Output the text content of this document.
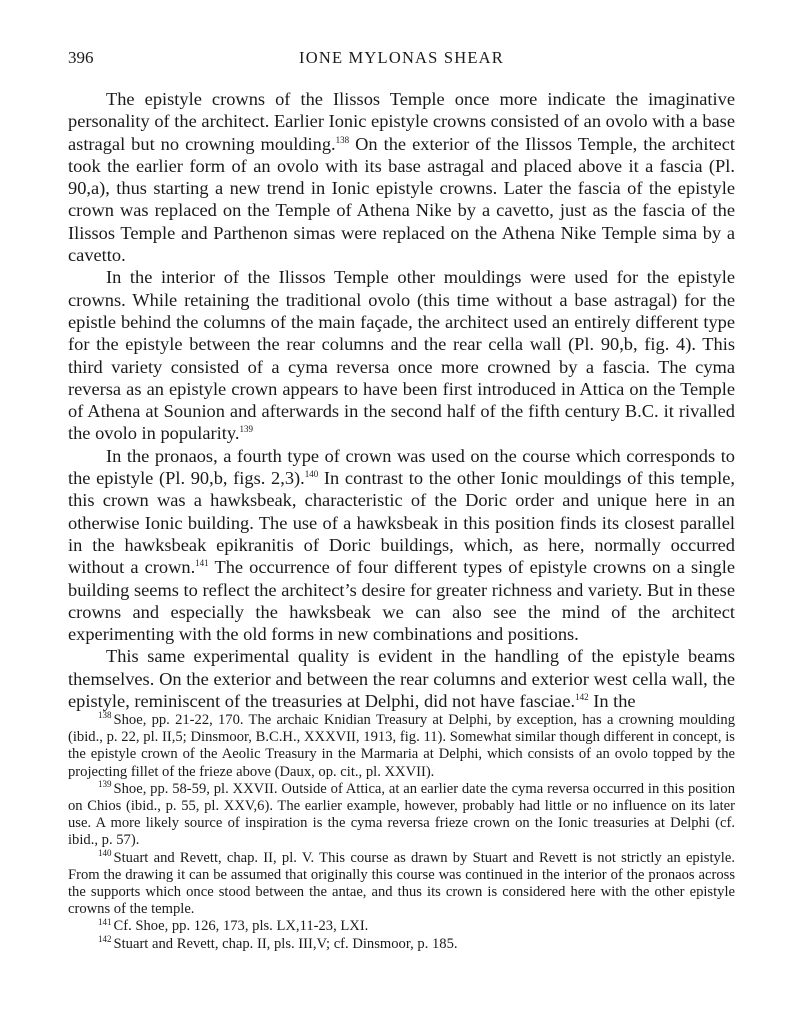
396	IONE MYLONAS SHEAR

The epistyle crowns of the Ilissos Temple once more indicate the imaginative personality of the architect. Earlier Ionic epistyle crowns consisted of an ovolo with a base astragal but no crowning moulding.$^{138}$ On the exterior of the Ilissos Temple, the architect took the earlier form of an ovolo with its base astragal and placed above it a fascia (Pl. 90,a), thus starting a new trend in Ionic epistyle crowns. Later the fascia of the epistyle crown was replaced on the Temple of Athena Nike by a cavetto, just as the fascia of the Ilissos Temple and Parthenon simas were replaced on the Athena Nike Temple sima by a cavetto.

In the interior of the Ilissos Temple other mouldings were used for the epistyle crowns. While retaining the traditional ovolo (this time without a base astragal) for the epistle behind the columns of the main façade, the architect used an entirely different type for the epistyle between the rear columns and the rear cella wall (Pl. 90,b, fig. 4). This third variety consisted of a cyma reversa once more crowned by a fascia. The cyma reversa as an epistyle crown appears to have been first introduced in Attica on the Temple of Athena at Sounion and afterwards in the second half of the fifth century B.C. it rivalled the ovolo in popularity.$^{139}$

In the pronaos, a fourth type of crown was used on the course which corresponds to the epistyle (Pl. 90,b, figs. 2,3).$^{140}$ In contrast to the other Ionic mouldings of this temple, this crown was a hawksbeak, characteristic of the Doric order and unique here in an otherwise Ionic building. The use of a hawksbeak in this position finds its closest parallel in the hawksbeak epikranitis of Doric buildings, which, as here, normally occurred without a crown.$^{141}$ The occurrence of four different types of epistyle crowns on a single building seems to reflect the architect’s desire for greater richness and variety. But in these crowns and especially the hawksbeak we can also see the mind of the architect experimenting with the old forms in new combinations and positions.

This same experimental quality is evident in the handling of the epistyle beams themselves. On the exterior and between the rear columns and exterior west cella wall, the epistyle, reminiscent of the treasuries at Delphi, did not have fasciae.$^{142}$ In the

$^{138}$ Shoe, pp. 21-22, 170. The archaic Knidian Treasury at Delphi, by exception, has a crowning moulding (ibid., p. 22, pl. II,5; Dinsmoor, B.C.H., XXXVII, 1913, fig. 11). Somewhat similar though different in concept, is the epistyle crown of the Aeolic Treasury in the Marmaria at Delphi, which consists of an ovolo topped by the projecting fillet of the frieze above (Daux, op. cit., pl. XXVII).

$^{139}$ Shoe, pp. 58-59, pl. XXVII. Outside of Attica, at an earlier date the cyma reversa occurred in this position on Chios (ibid., p. 55, pl. XXV,6). The earlier example, however, probably had little or no influence on its later use. A more likely source of inspiration is the cyma reversa frieze crown on the Ionic treasuries at Delphi (cf. ibid., p. 57).

$^{140}$ Stuart and Revett, chap. II, pl. V. This course as drawn by Stuart and Revett is not strictly an epistyle. From the drawing it can be assumed that originally this course was continued in the interior of the pronaos across the supports which once stood between the antae, and thus its crown is considered here with the other epistyle crowns of the temple.

$^{141}$ Cf. Shoe, pp. 126, 173, pls. LX,11-23, LXI.

$^{142}$ Stuart and Revett, chap. II, pls. III,V; cf. Dinsmoor, p. 185.
